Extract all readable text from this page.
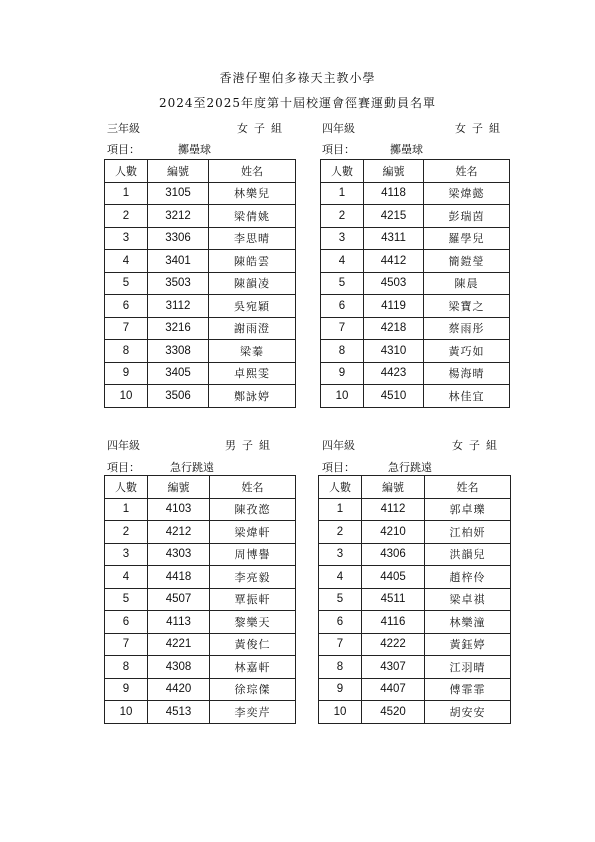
香港仔聖伯多祿天主教小學
2024至2025年度第十屆校運會徑賽運動員名單
三年級	女子組
項目：	擲壘球
人數	編號	姓名
1	3105	林樂兒
2	3212	梁倩姚
3	3306	李思晴
4	3401	陳皓雲
5	3503	陳韻凌
6	3112	吳宛穎
7	3216	謝雨澄
8	3308	梁蓁
9	3405	卓熙雯
10	3506	鄭詠婷
四年級	女子組
項目：	擲壘球
人數	編號	姓名
1	4118	梁煒懿
2	4215	彭瑞茵
3	4311	羅學兒
4	4412	簡鎧瑩
5	4503	陳晨
6	4119	梁寶之
7	4218	蔡雨彤
8	4310	黃巧如
9	4423	楊海晴
10	4510	林佳宜
四年級	男子組
項目：	急行跳遠
人數	編號	姓名
1	4103	陳孜滺
2	4212	梁煒軒
3	4303	周博譽
4	4418	李亮毅
5	4507	覃振軒
6	4113	黎樂天
7	4221	黃俊仁
8	4308	林嘉軒
9	4420	徐琮傑
10	4513	李奕芹
四年級	女子組
項目：	急行跳遠
人數	編號	姓名
1	4112	郭卓瓅
2	4210	江柏妍
3	4306	洪韻兒
4	4405	趙梓伶
5	4511	梁卓祺
6	4116	林樂潼
7	4222	黃鈺婷
8	4307	江羽晴
9	4407	傅霏霏
10	4520	胡安安
